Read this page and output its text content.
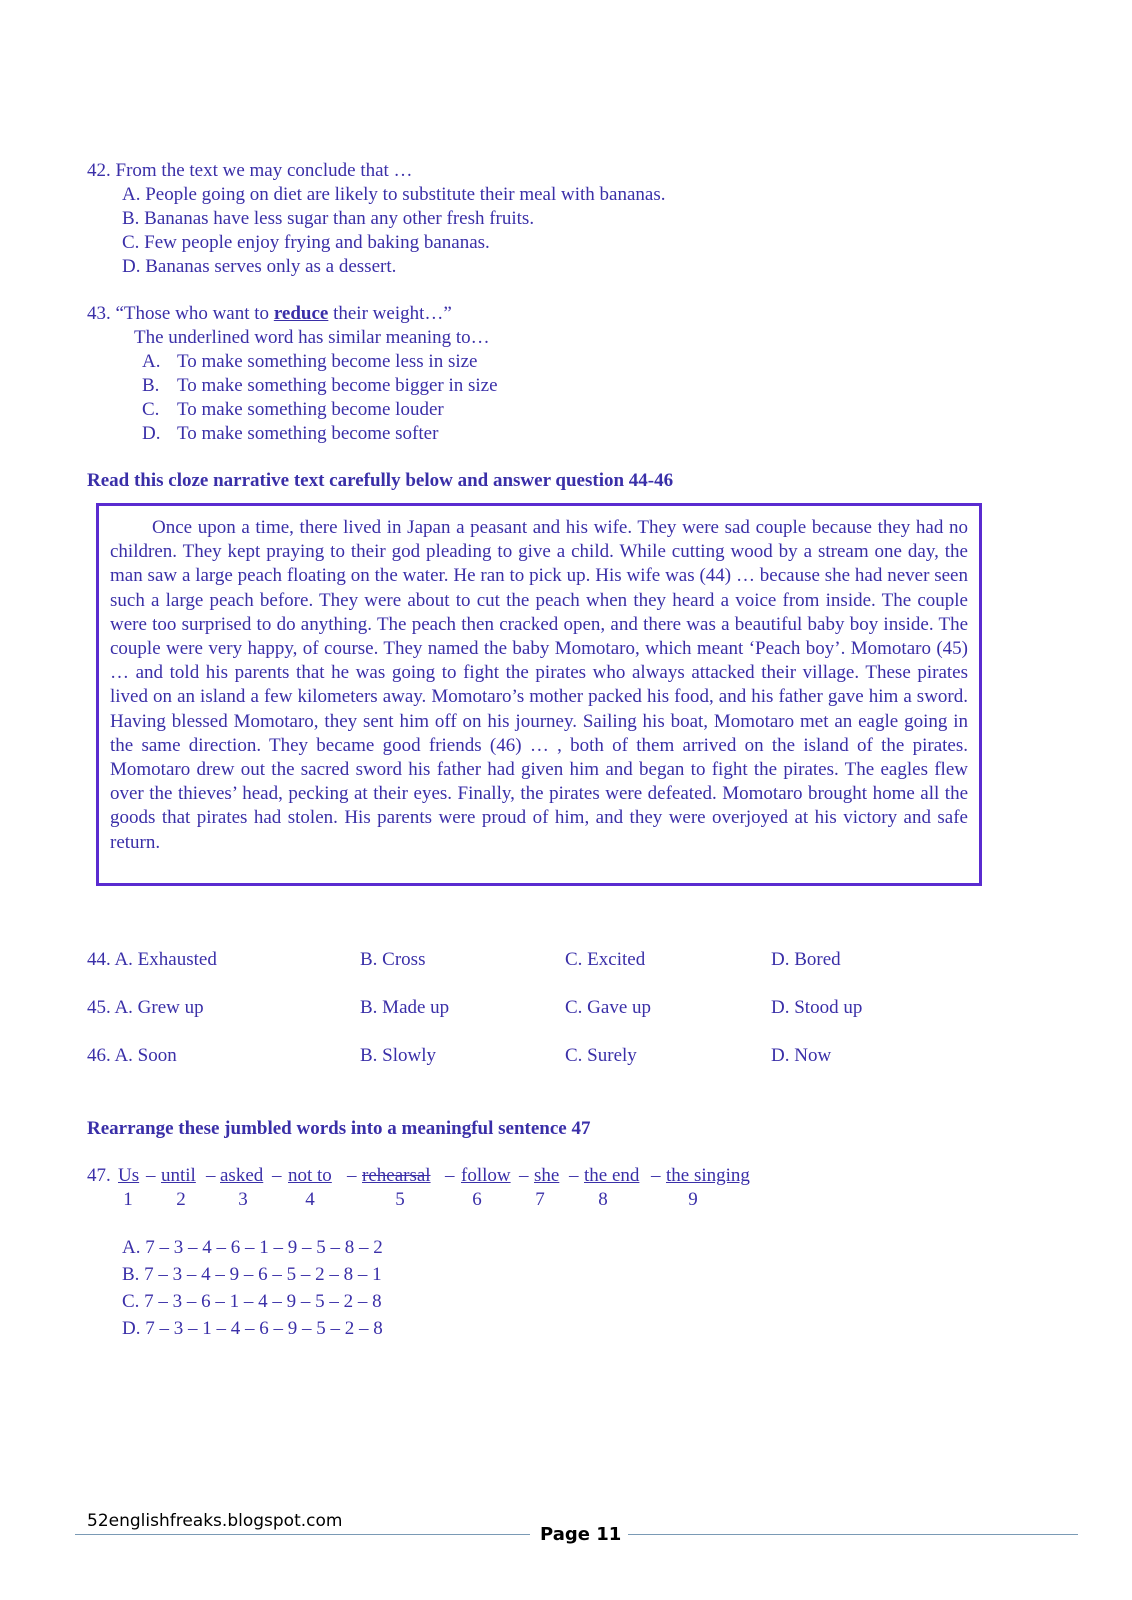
42. From the text we may conclude that …
A. People going on diet are likely to substitute their meal with bananas.
B. Bananas have less sugar than any other fresh fruits.
C. Few people enjoy frying and baking bananas.
D. Bananas serves only as a dessert.
43. “Those who want to reduce their weight…”
The underlined word has similar meaning to…
A. To make something become less in size
B. To make something become bigger in size
C. To make something become louder
D. To make something become softer
Read this cloze narrative text carefully below and answer question 44-46

Once upon a time, there lived in Japan a peasant and his wife. They were sad couple because they had no children. They kept praying to their god pleading to give a child. While cutting wood by a stream one day, the man saw a large peach floating on the water. He ran to pick up. His wife was (44) … because she had never seen such a large peach before. They were about to cut the peach when they heard a voice from inside. The couple were too surprised to do anything. The peach then cracked open, and there was a beautiful baby boy inside. The couple were very happy, of course. They named the baby Momotaro, which meant ‘Peach boy’. Momotaro (45) … and told his parents that he was going to fight the pirates who always attacked their village. These pirates lived on an island a few kilometers away. Momotaro’s mother packed his food, and his father gave him a sword. Having blessed Momotaro, they sent him off on his journey. Sailing his boat, Momotaro met an eagle going in the same direction. They became good friends (46) … , both of them arrived on the island of the pirates. Momotaro drew out the sacred sword his father had given him and began to fight the pirates. The eagles flew over the thieves’ head, pecking at their eyes. Finally, the pirates were defeated. Momotaro brought home all the goods that pirates had stolen. His parents were proud of him, and they were overjoyed at his victory and safe return.

44. A. Exhausted	B. Cross	C. Excited	D. Bored
45. A. Grew up	B. Made up	C. Gave up	D. Stood up
46. A. Soon	B. Slowly	C. Surely	D. Now
Rearrange these jumbled words into a meaningful sentence 47
47. Us – until – asked – not to – rehearsal – follow – she – the end – the singing
1	2	3	4	5	6	7	8	9
A. 7 – 3 – 4 – 6 – 1 – 9 – 5 – 8 – 2
B. 7 – 3 – 4 – 9 – 6 – 5 – 2 – 8 – 1
C. 7 – 3 – 6 – 1 – 4 – 9 – 5 – 2 – 8
D. 7 – 3 – 1 – 4 – 6 – 9 – 5 – 2 – 8
52englishfreaks.blogspot.com
Page 11
